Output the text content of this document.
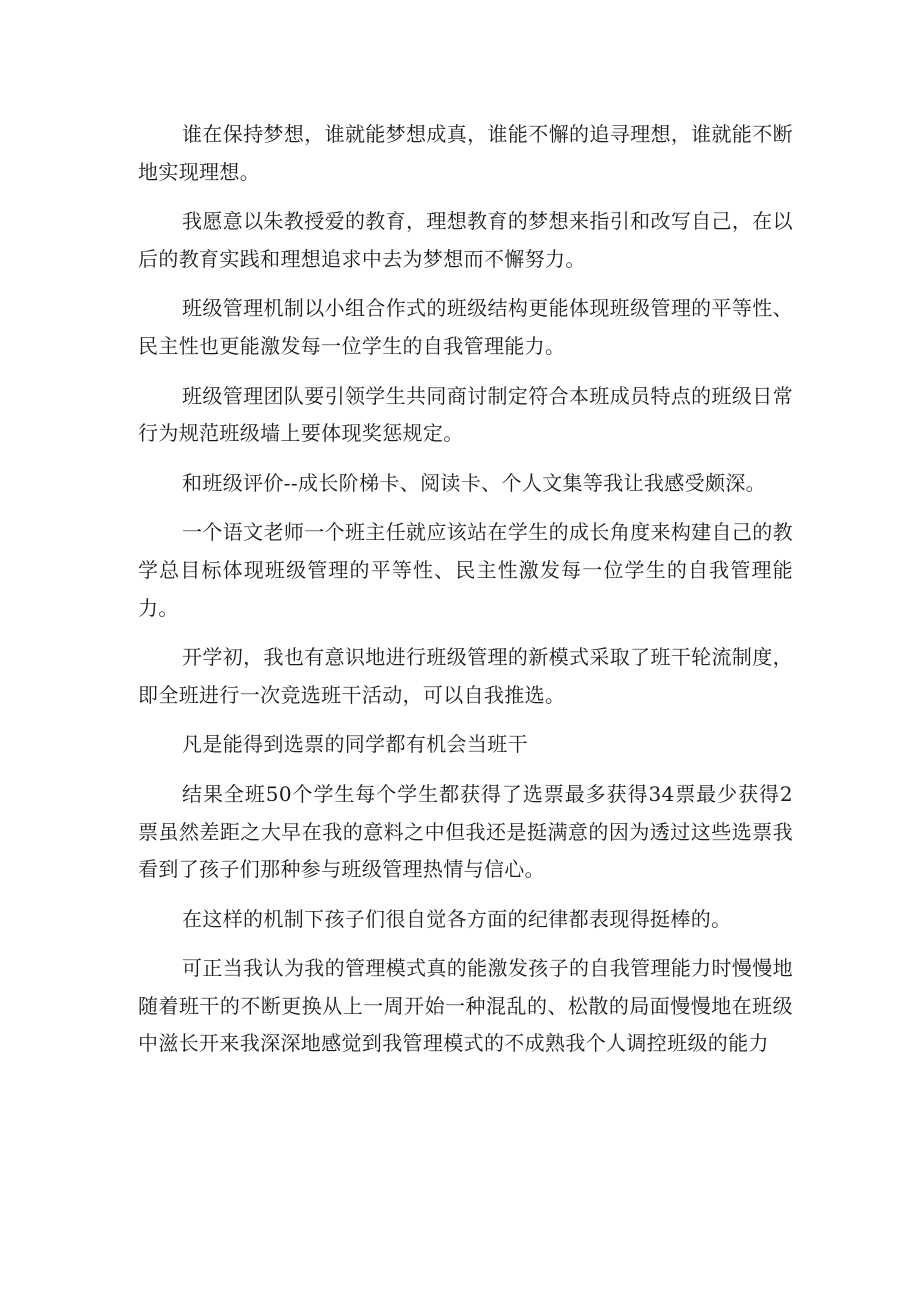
谁在保持梦想，谁就能梦想成真，谁能不懈的追寻理想，谁就能不断地实现理想。

我愿意以朱教授爱的教育，理想教育的梦想来指引和改写自己，在以后的教育实践和理想追求中去为梦想而不懈努力。

班级管理机制以小组合作式的班级结构更能体现班级管理的平等性、民主性也更能激发每一位学生的自我管理能力。

班级管理团队要引领学生共同商讨制定符合本班成员特点的班级日常行为规范班级墙上要体现奖惩规定。

和班级评价--成长阶梯卡、阅读卡、个人文集等我让我感受颇深。

一个语文老师一个班主任就应该站在学生的成长角度来构建自己的教学总目标体现班级管理的平等性、民主性激发每一位学生的自我管理能力。

开学初，我也有意识地进行班级管理的新模式采取了班干轮流制度，即全班进行一次竞选班干活动，可以自我推选。

凡是能得到选票的同学都有机会当班干

结果全班50个学生每个学生都获得了选票最多获得34票最少获得2票虽然差距之大早在我的意料之中但我还是挺满意的因为透过这些选票我看到了孩子们那种参与班级管理热情与信心。

在这样的机制下孩子们很自觉各方面的纪律都表现得挺棒的。

可正当我认为我的管理模式真的能激发孩子的自我管理能力时慢慢地随着班干的不断更换从上一周开始一种混乱的、松散的局面慢慢地在班级中滋长开来我深深地感觉到我管理模式的不成熟我个人调控班级的能力
